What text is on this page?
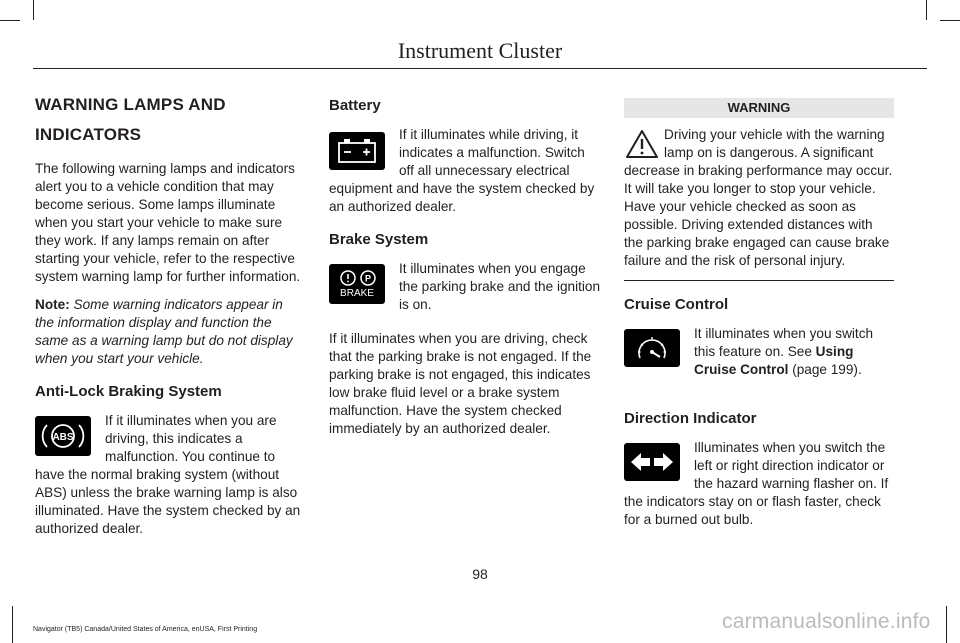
Instrument Cluster
WARNING LAMPS AND
INDICATORS

The following warning lamps and indicators alert you to a vehicle condition that may become serious. Some lamps illuminate when you start your vehicle to make sure they work. If any lamps remain on after starting your vehicle, refer to the respective system warning lamp for further information.

Note: Some warning indicators appear in the information display and function the same as a warning lamp but do not display when you start your vehicle.

Anti-Lock Braking System
ABS

If it illuminates when you are driving, this indicates a malfunction. You continue to have the normal braking system (without ABS) unless the brake warning lamp is also illuminated. Have the system checked by an authorized dealer.

Battery

If it illuminates while driving, it indicates a malfunction. Switch off all unnecessary electrical equipment and have the system checked by an authorized dealer.

Brake System
P
BRAKE

It illuminates when you engage the parking brake and the ignition is on.

If it illuminates when you are driving, check that the parking brake is not engaged. If the parking brake is not engaged, this indicates low brake fluid level or a brake system malfunction. Have the system checked immediately by an authorized dealer.

WARNING

Driving your vehicle with the warning lamp on is dangerous. A significant decrease in braking performance may occur. It will take you longer to stop your vehicle. Have your vehicle checked as soon as possible. Driving extended distances with the parking brake engaged can cause brake failure and the risk of personal injury.

Cruise Control

It illuminates when you switch this feature on. See Using Cruise Control (page 199).

Direction Indicator

Illuminates when you switch the left or right direction indicator or the hazard warning flasher on. If the indicators stay on or flash faster, check for a burned out bulb.

98
Navigator (TB5) Canada/United States of America, enUSA, First Printing	carmanualsonline.info
